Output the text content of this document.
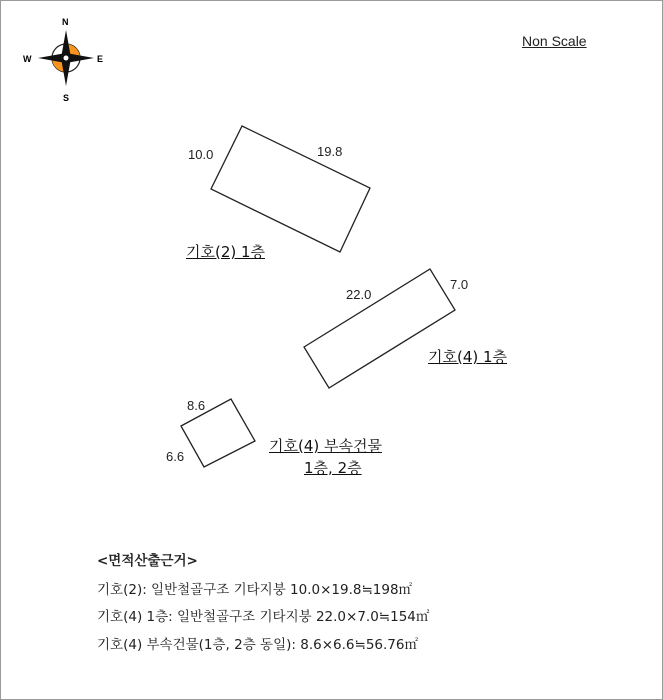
N
S
E
W
Non Scale
10.0	19.8
22.0
7.0
8.6
6.6
기호(2) 1층
기호(4) 1층
기호(4) 부속건물
1층, 2층
<면적산출근거>
기호(2): 일반철골구조 기타지붕 10.0×19.8≒198㎡
기호(4) 1층: 일반철골구조 기타지붕 22.0×7.0≒154㎡
기호(4) 부속건물(1층, 2층 동일): 8.6×6.6≒56.76㎡
